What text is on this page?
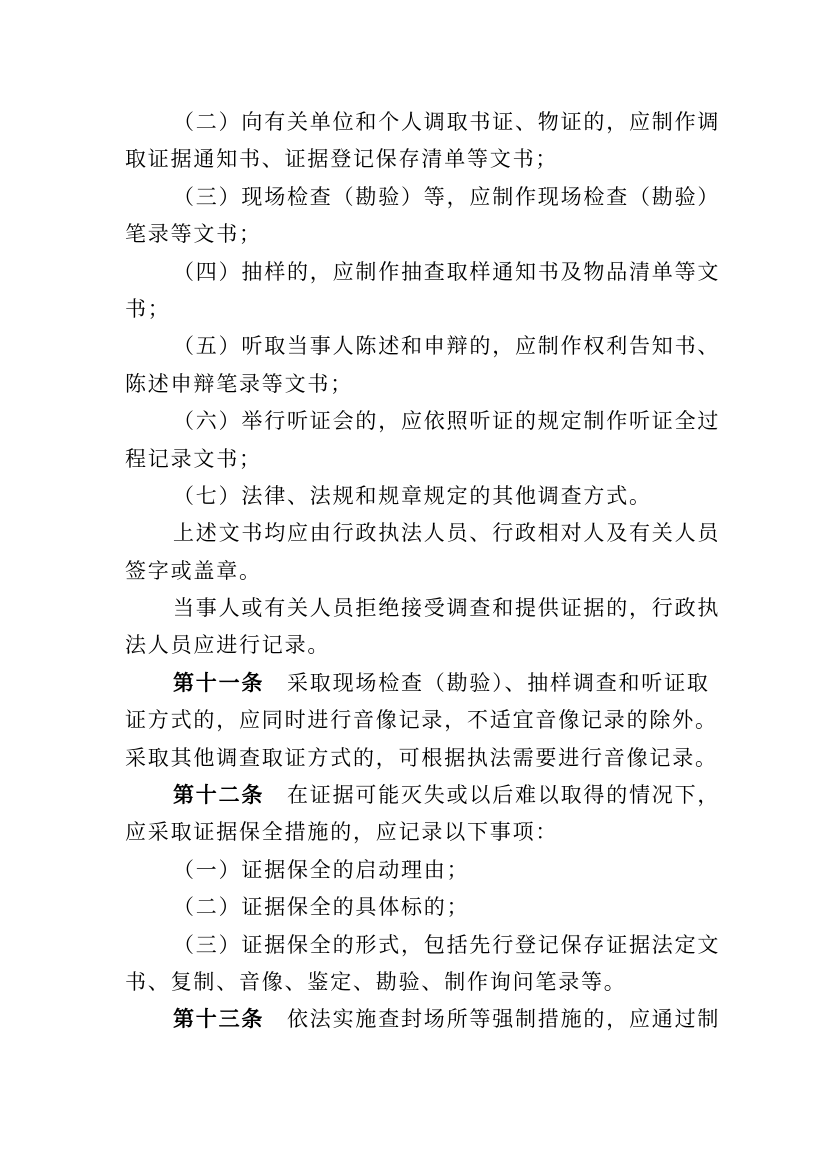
（二）向有关单位和个人调取书证、物证的，应制作调
取证据通知书、证据登记保存清单等文书；
（三）现场检查（勘验）等，应制作现场检查（勘验）
笔录等文书；
（四）抽样的，应制作抽查取样通知书及物品清单等文
书；
（五）听取当事人陈述和申辩的，应制作权利告知书、
陈述申辩笔录等文书；
（六）举行听证会的，应依照听证的规定制作听证全过
程记录文书；
（七）法律、法规和规章规定的其他调查方式。
上述文书均应由行政执法人员、行政相对人及有关人员
签字或盖章。
当事人或有关人员拒绝接受调查和提供证据的，行政执
法人员应进行记录。
第十一条　采取现场检查（勘验）、抽样调查和听证取
证方式的，应同时进行音像记录，不适宜音像记录的除外。
采取其他调查取证方式的，可根据执法需要进行音像记录。
第十二条　在证据可能灭失或以后难以取得的情况下，
应采取证据保全措施的，应记录以下事项：
（一）证据保全的启动理由；
（二）证据保全的具体标的；
（三）证据保全的形式，包括先行登记保存证据法定文
书、复制、音像、鉴定、勘验、制作询问笔录等。
第十三条　依法实施查封场所等强制措施的，应通过制
